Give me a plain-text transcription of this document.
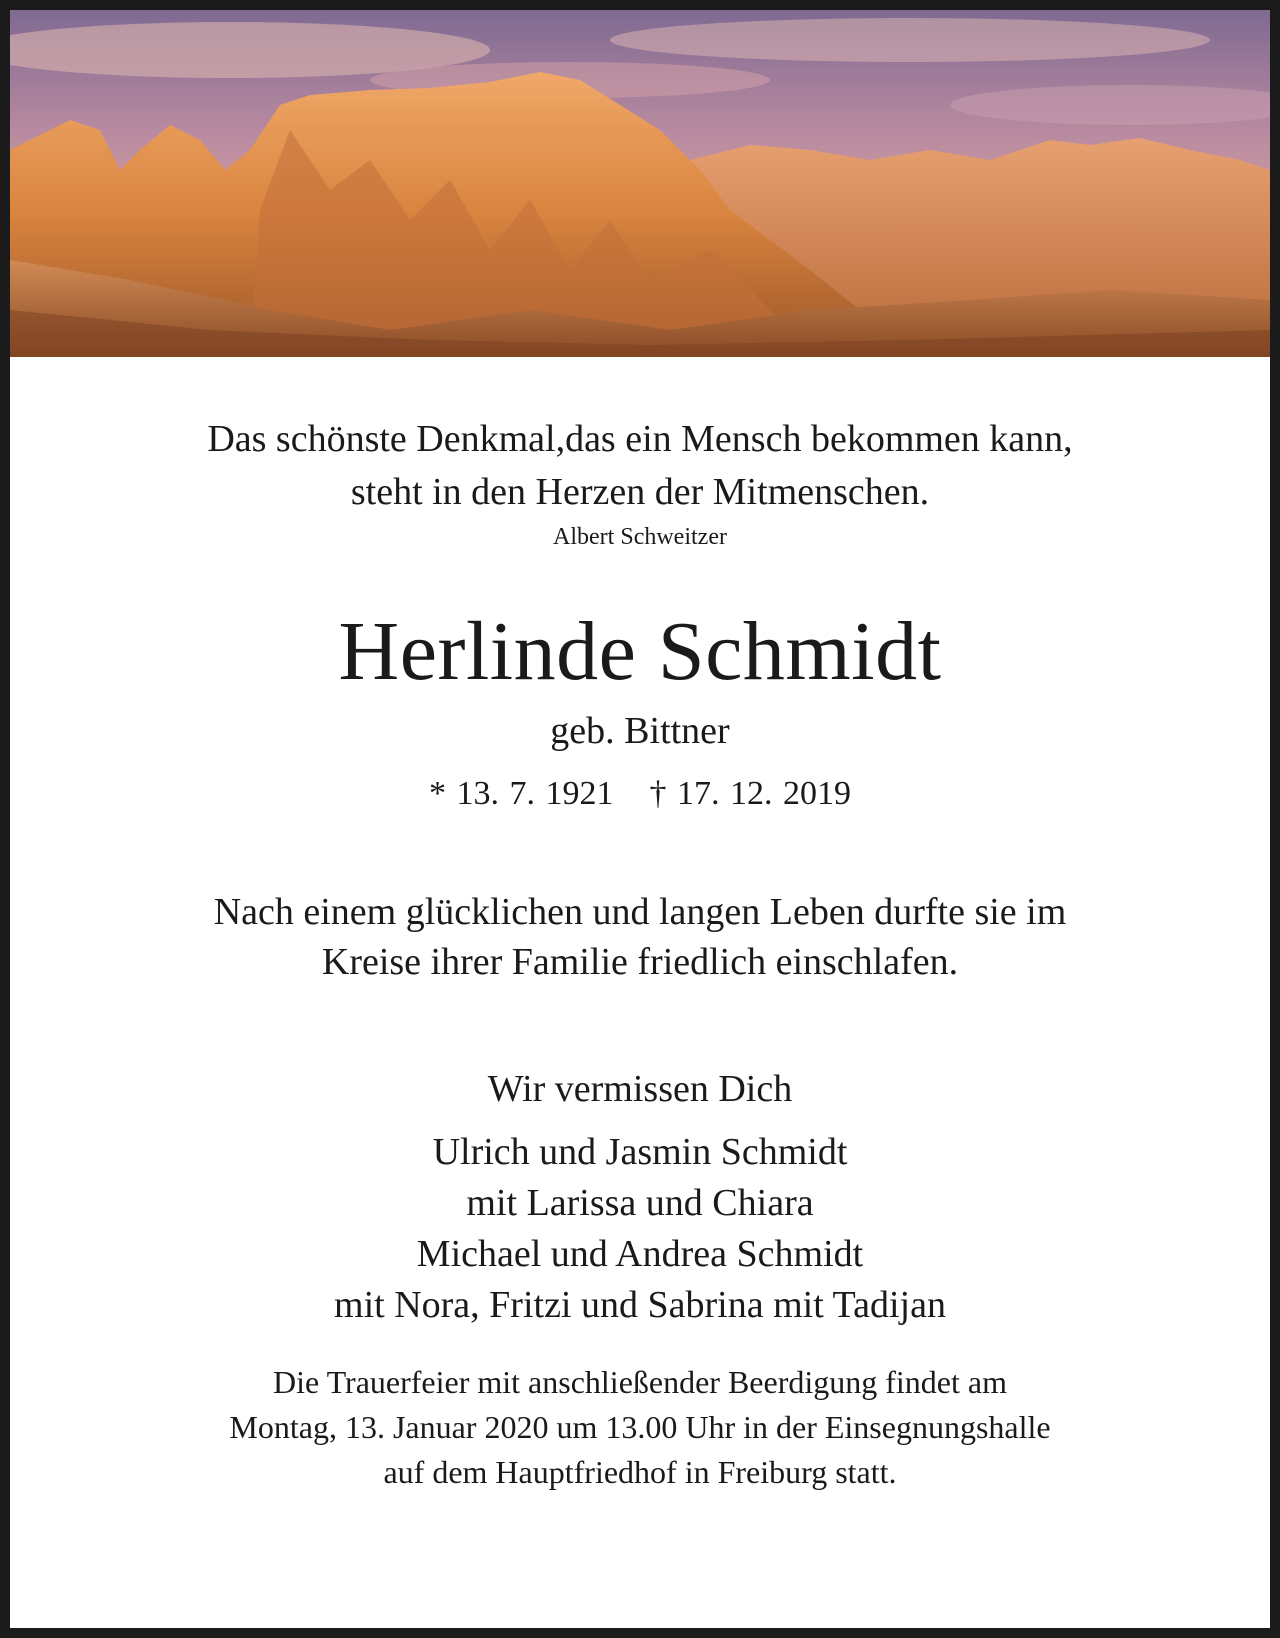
Das schönste Denkmal,das ein Mensch bekommen kann,
steht in den Herzen der Mitmenschen.

Albert Schweitzer

Herlinde Schmidt

geb. Bittner

* 13. 7. 1921 † 17. 12. 2019

Nach einem glücklichen und langen Leben durfte sie im
Kreise ihrer Familie friedlich einschlafen.

Wir vermissen Dich

Ulrich und Jasmin Schmidt
mit Larissa und Chiara
Michael und Andrea Schmidt
mit Nora, Fritzi und Sabrina mit Tadijan

Die Trauerfeier mit anschließender Beerdigung findet am
Montag, 13. Januar 2020 um 13.00 Uhr in der Einsegnungshalle
auf dem Hauptfriedhof in Freiburg statt.
